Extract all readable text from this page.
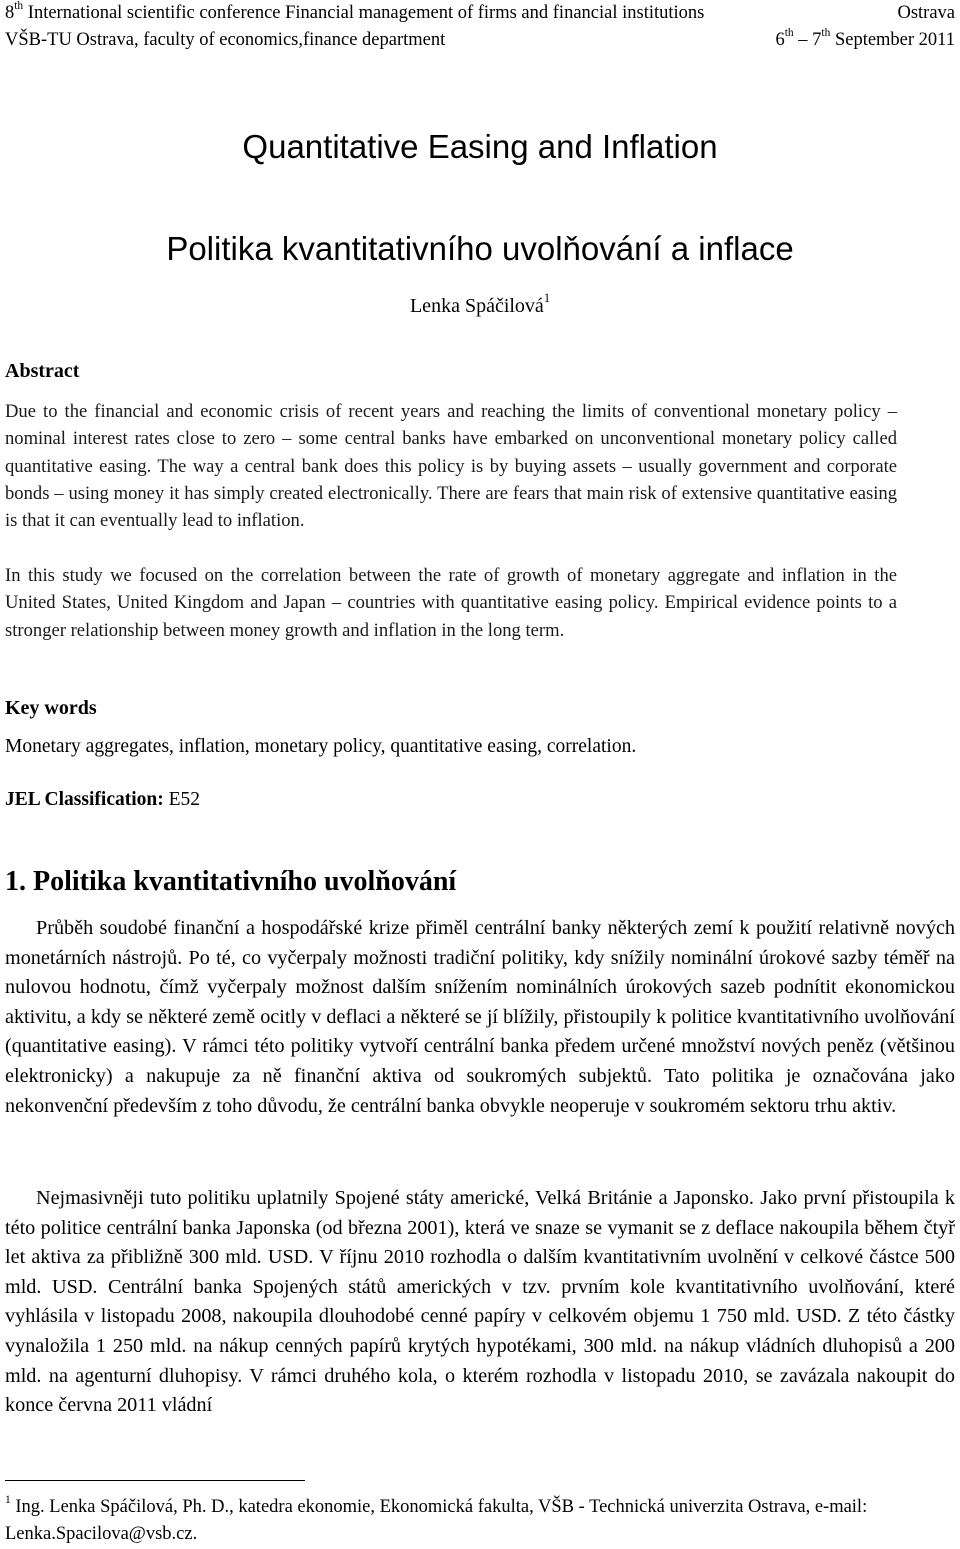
8th International scientific conference Financial management of firms and financial institutions	Ostrava
VŠB-TU Ostrava, faculty of economics,finance department	6th – 7th September 2011
Quantitative Easing and Inflation
Politika kvantitativního uvolňování a inflace
Lenka Spáčilová$^1$
Abstract
Due to the financial and economic crisis of recent years and reaching the limits of conventional monetary policy – nominal interest rates close to zero – some central banks have embarked on unconventional monetary policy called quantitative easing. The way a central bank does this policy is by buying assets – usually government and corporate bonds – using money it has simply created electronically. There are fears that main risk of extensive quantitative easing is that it can eventually lead to inflation.
In this study we focused on the correlation between the rate of growth of monetary aggregate and inflation in the United States, United Kingdom and Japan – countries with quantitative easing policy. Empirical evidence points to a stronger relationship between money growth and inflation in the long term.
Key words
Monetary aggregates, inflation, monetary policy, quantitative easing, correlation.
JEL Classification: E52
1. Politika kvantitativního uvolňování
Průběh soudobé finanční a hospodářské krize přiměl centrální banky některých zemí k použití relativně nových monetárních nástrojů. Po té, co vyčerpaly možnosti tradiční politiky, kdy snížily nominální úrokové sazby téměř na nulovou hodnotu, čímž vyčerpaly možnost dalším snížením nominálních úrokových sazeb podnítit ekonomickou aktivitu, a kdy se některé země ocitly v deflaci a některé se jí blížily, přistoupily k politice kvantitativního uvolňování (quantitative easing). V rámci této politiky vytvoří centrální banka předem určené množství nových peněz (většinou elektronicky) a nakupuje za ně finanční aktiva od soukromých subjektů. Tato politika je označována jako nekonvenční především z toho důvodu, že centrální banka obvykle neoperuje v soukromém sektoru trhu aktiv.
Nejmasivněji tuto politiku uplatnily Spojené státy americké, Velká Británie a Japonsko. Jako první přistoupila k této politice centrální banka Japonska (od března 2001), která ve snaze se vymanit se z deflace nakoupila během čtyř let aktiva za přibližně 300 mld. USD. V říjnu 2010 rozhodla o dalším kvantitativním uvolnění v celkové částce 500 mld. USD. Centrální banka Spojených států amerických v tzv. prvním kole kvantitativního uvolňování, které vyhlásila v listopadu 2008, nakoupila dlouhodobé cenné papíry v celkovém objemu 1 750 mld. USD. Z této částky vynaložila 1 250 mld. na nákup cenných papírů krytých hypotékami, 300 mld. na nákup vládních dluhopisů a 200 mld. na agenturní dluhopisy. V rámci druhého kola, o kterém rozhodla v listopadu 2010, se zavázala nakoupit do konce června 2011 vládní
$^1$ Ing. Lenka Spáčilová, Ph. D., katedra ekonomie, Ekonomická fakulta, VŠB - Technická univerzita Ostrava, e-mail: Lenka.Spacilova@vsb.cz.
